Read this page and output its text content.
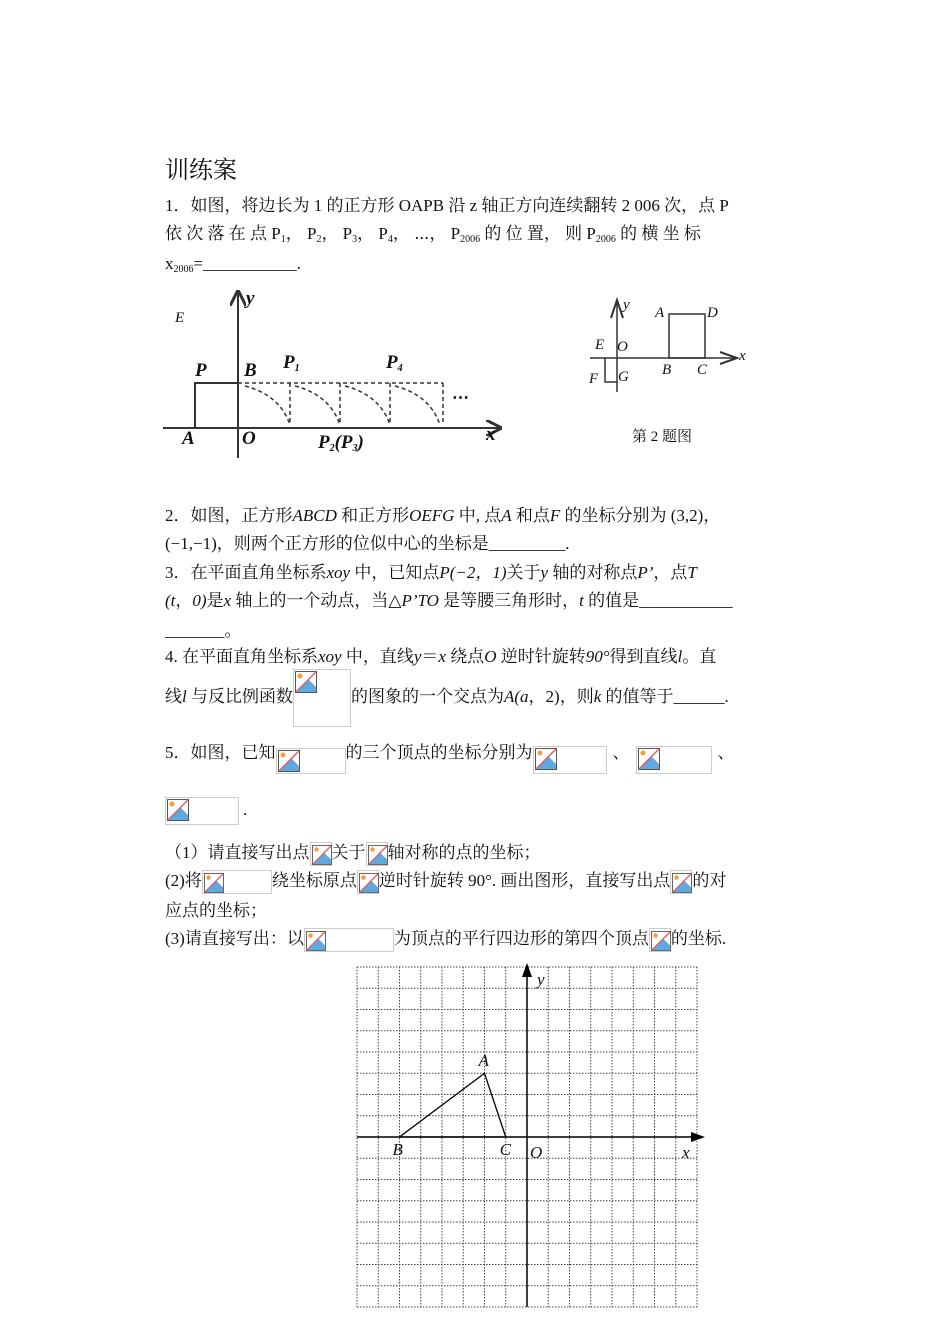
训练案
1．如图，将边长为 1 的正方形 OAPB 沿 z 轴正方向连续翻转 2 006 次，点 P
依 次 落 在 点 $P_1$， $P_2$， $P_3$， $P_4$， ⋯， $P_{2006}$ 的 位 置， 则 $P_{2006}$ 的 横 坐 标
$x_{2006}=\_\_\_\_\_\_\_\_\_\_\_$.
E
P B $P_1$	$P_4$
A O	$P_2(P_3)$	x
y
⋯
A	D
E O
B C
F G
x
y
第 2 题图
2．如图，正方形ABCD 和正方形OEFG 中, 点A 和点F 的坐标分别为 (3,2)，
(−1,−1)，则两个正方形的位似中心的坐标是_________.
3．在平面直角坐标系xoy 中，已知点P(−2，1)关于y 轴的对称点P’，点T
(t，0)是x 轴上的一个动点，当△P’TO 是等腰三角形时，t 的值是___________
_______。
4. 在平面直角坐标系xoy 中，直线y＝x 绕点O 逆时针旋转90°得到直线l。直
线l 与反比例函数	的图象的一个交点为A(a，2)，则k 的值等于______.
5．如图，已知	的三个顶点的坐标分别为	、	、
.
（1）请直接写出点 关于 轴对称的点的坐标；
(2)将	绕坐标原点 逆时针旋转 90°. 画出图形，直接写出点 的对
应点的坐标；
(3)请直接写出：以	为顶点的平行四边形的第四个顶点 的坐标.
A
B	C O	x
y
